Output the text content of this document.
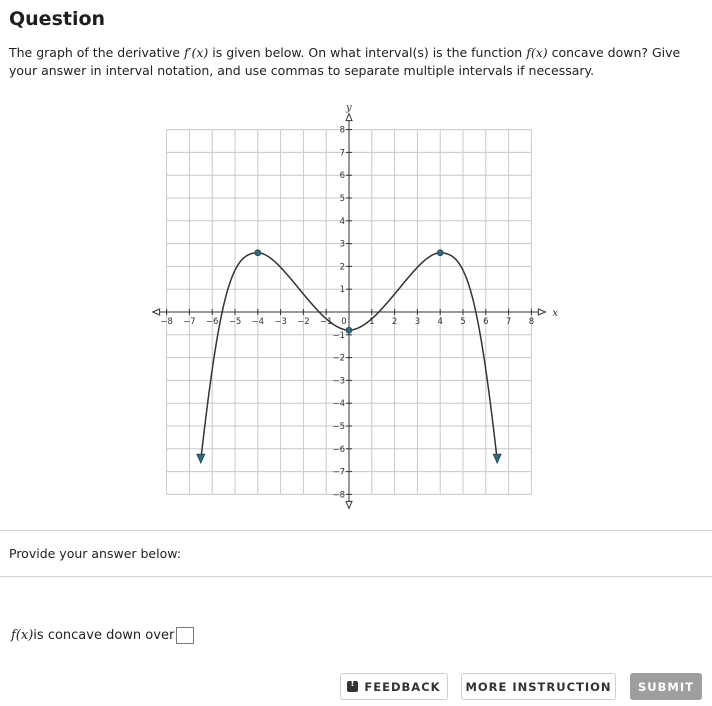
Question
The graph of the derivative f′(x) is given below. On what interval(s) is the function f(x) concave down? Give your answer in interval notation, and use commas to separate multiple intervals if necessary.
x
y
−8 −7 −6 −5 −4 −3 −2 −1 0	1 2 3 4 5 6 7 8
−8
−7
−6
−5
−4
−3
−2
−1
1
2
3
4
5
6
7
8
Provide your answer below:
f(x) is concave down over
!
FEEDBACK MORE INSTRUCTION SUBMIT
